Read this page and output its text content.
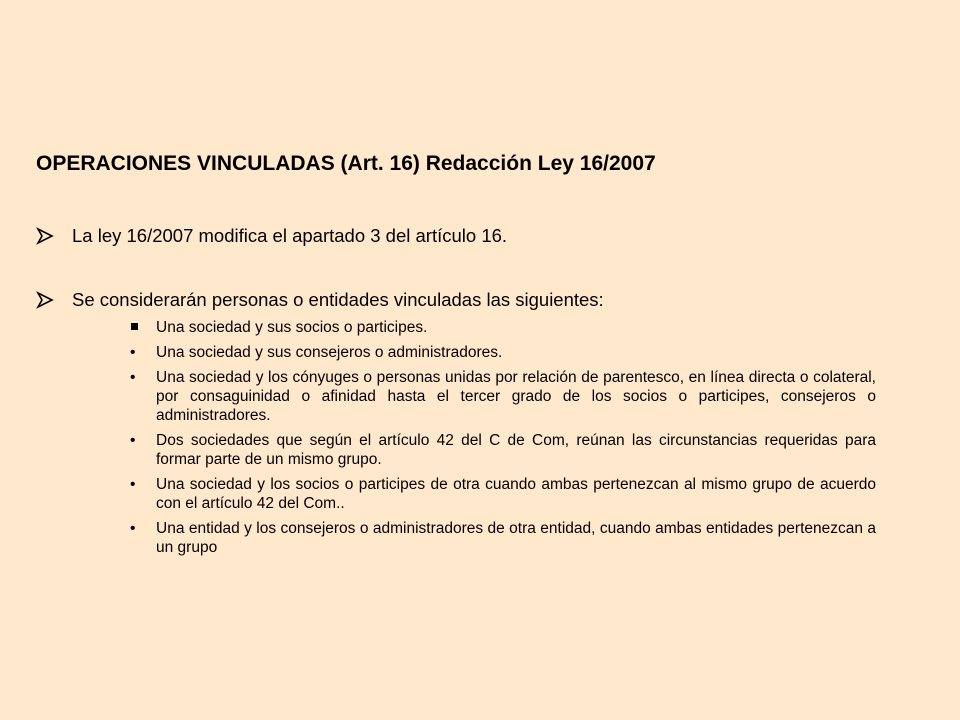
OPERACIONES VINCULADAS (Art. 16) Redacción Ley 16/2007
La ley 16/2007 modifica el apartado 3 del artículo 16.
Se considerarán personas o entidades vinculadas las siguientes:
Una sociedad y sus socios o participes.
•	Una sociedad y sus consejeros o administradores.
•	Una sociedad y los cónyuges o personas unidas por relación de parentesco, en línea directa o colateral, por consaguinidad o afinidad hasta el tercer grado de los socios o participes, consejeros o administradores.
•	Dos sociedades que según el artículo 42 del C de Com, reúnan las circunstancias requeridas para formar parte de un mismo grupo.
•	Una sociedad y los socios o participes de otra cuando ambas pertenezcan al mismo grupo de acuerdo con el artículo 42 del Com..
•	Una entidad y los consejeros o administradores de otra entidad, cuando ambas entidades pertenezcan a un grupo
